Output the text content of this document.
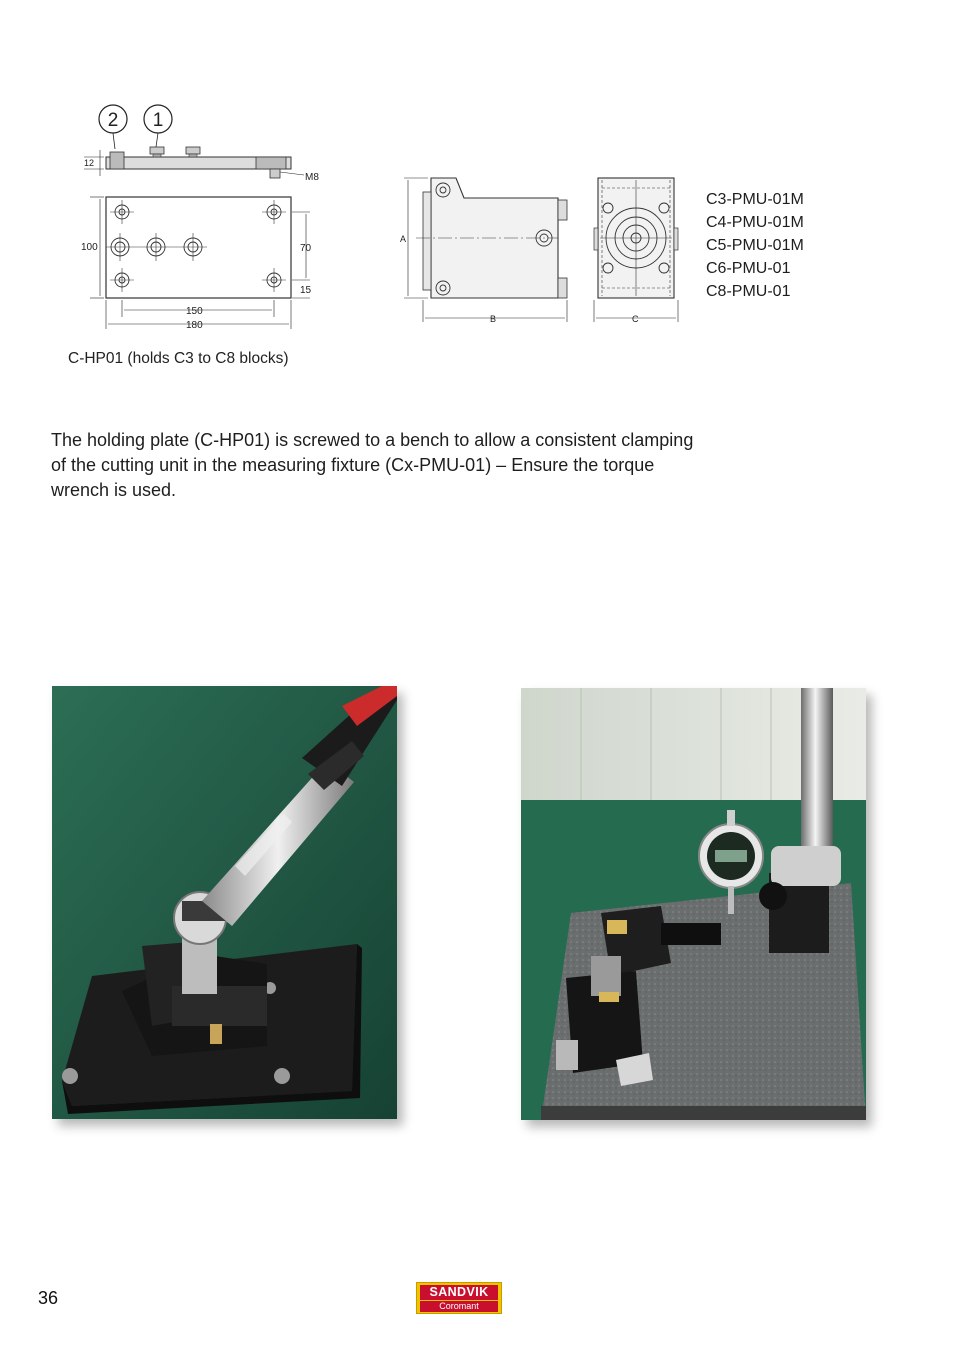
2 1
M8
12
100	70
15
150
180
A
B	C
C3-PMU-01M
C4-PMU-01M
C5-PMU-01M
C6-PMU-01
C8-PMU-01
C-HP01 (holds C3 to C8 blocks)
The holding plate (C-HP01) is screwed to a bench to allow a consistent clamping of the cutting unit in the measuring fixture (Cx-PMU-01) – Ensure the torque wrench is used.
36	SANDVIK
Coromant
